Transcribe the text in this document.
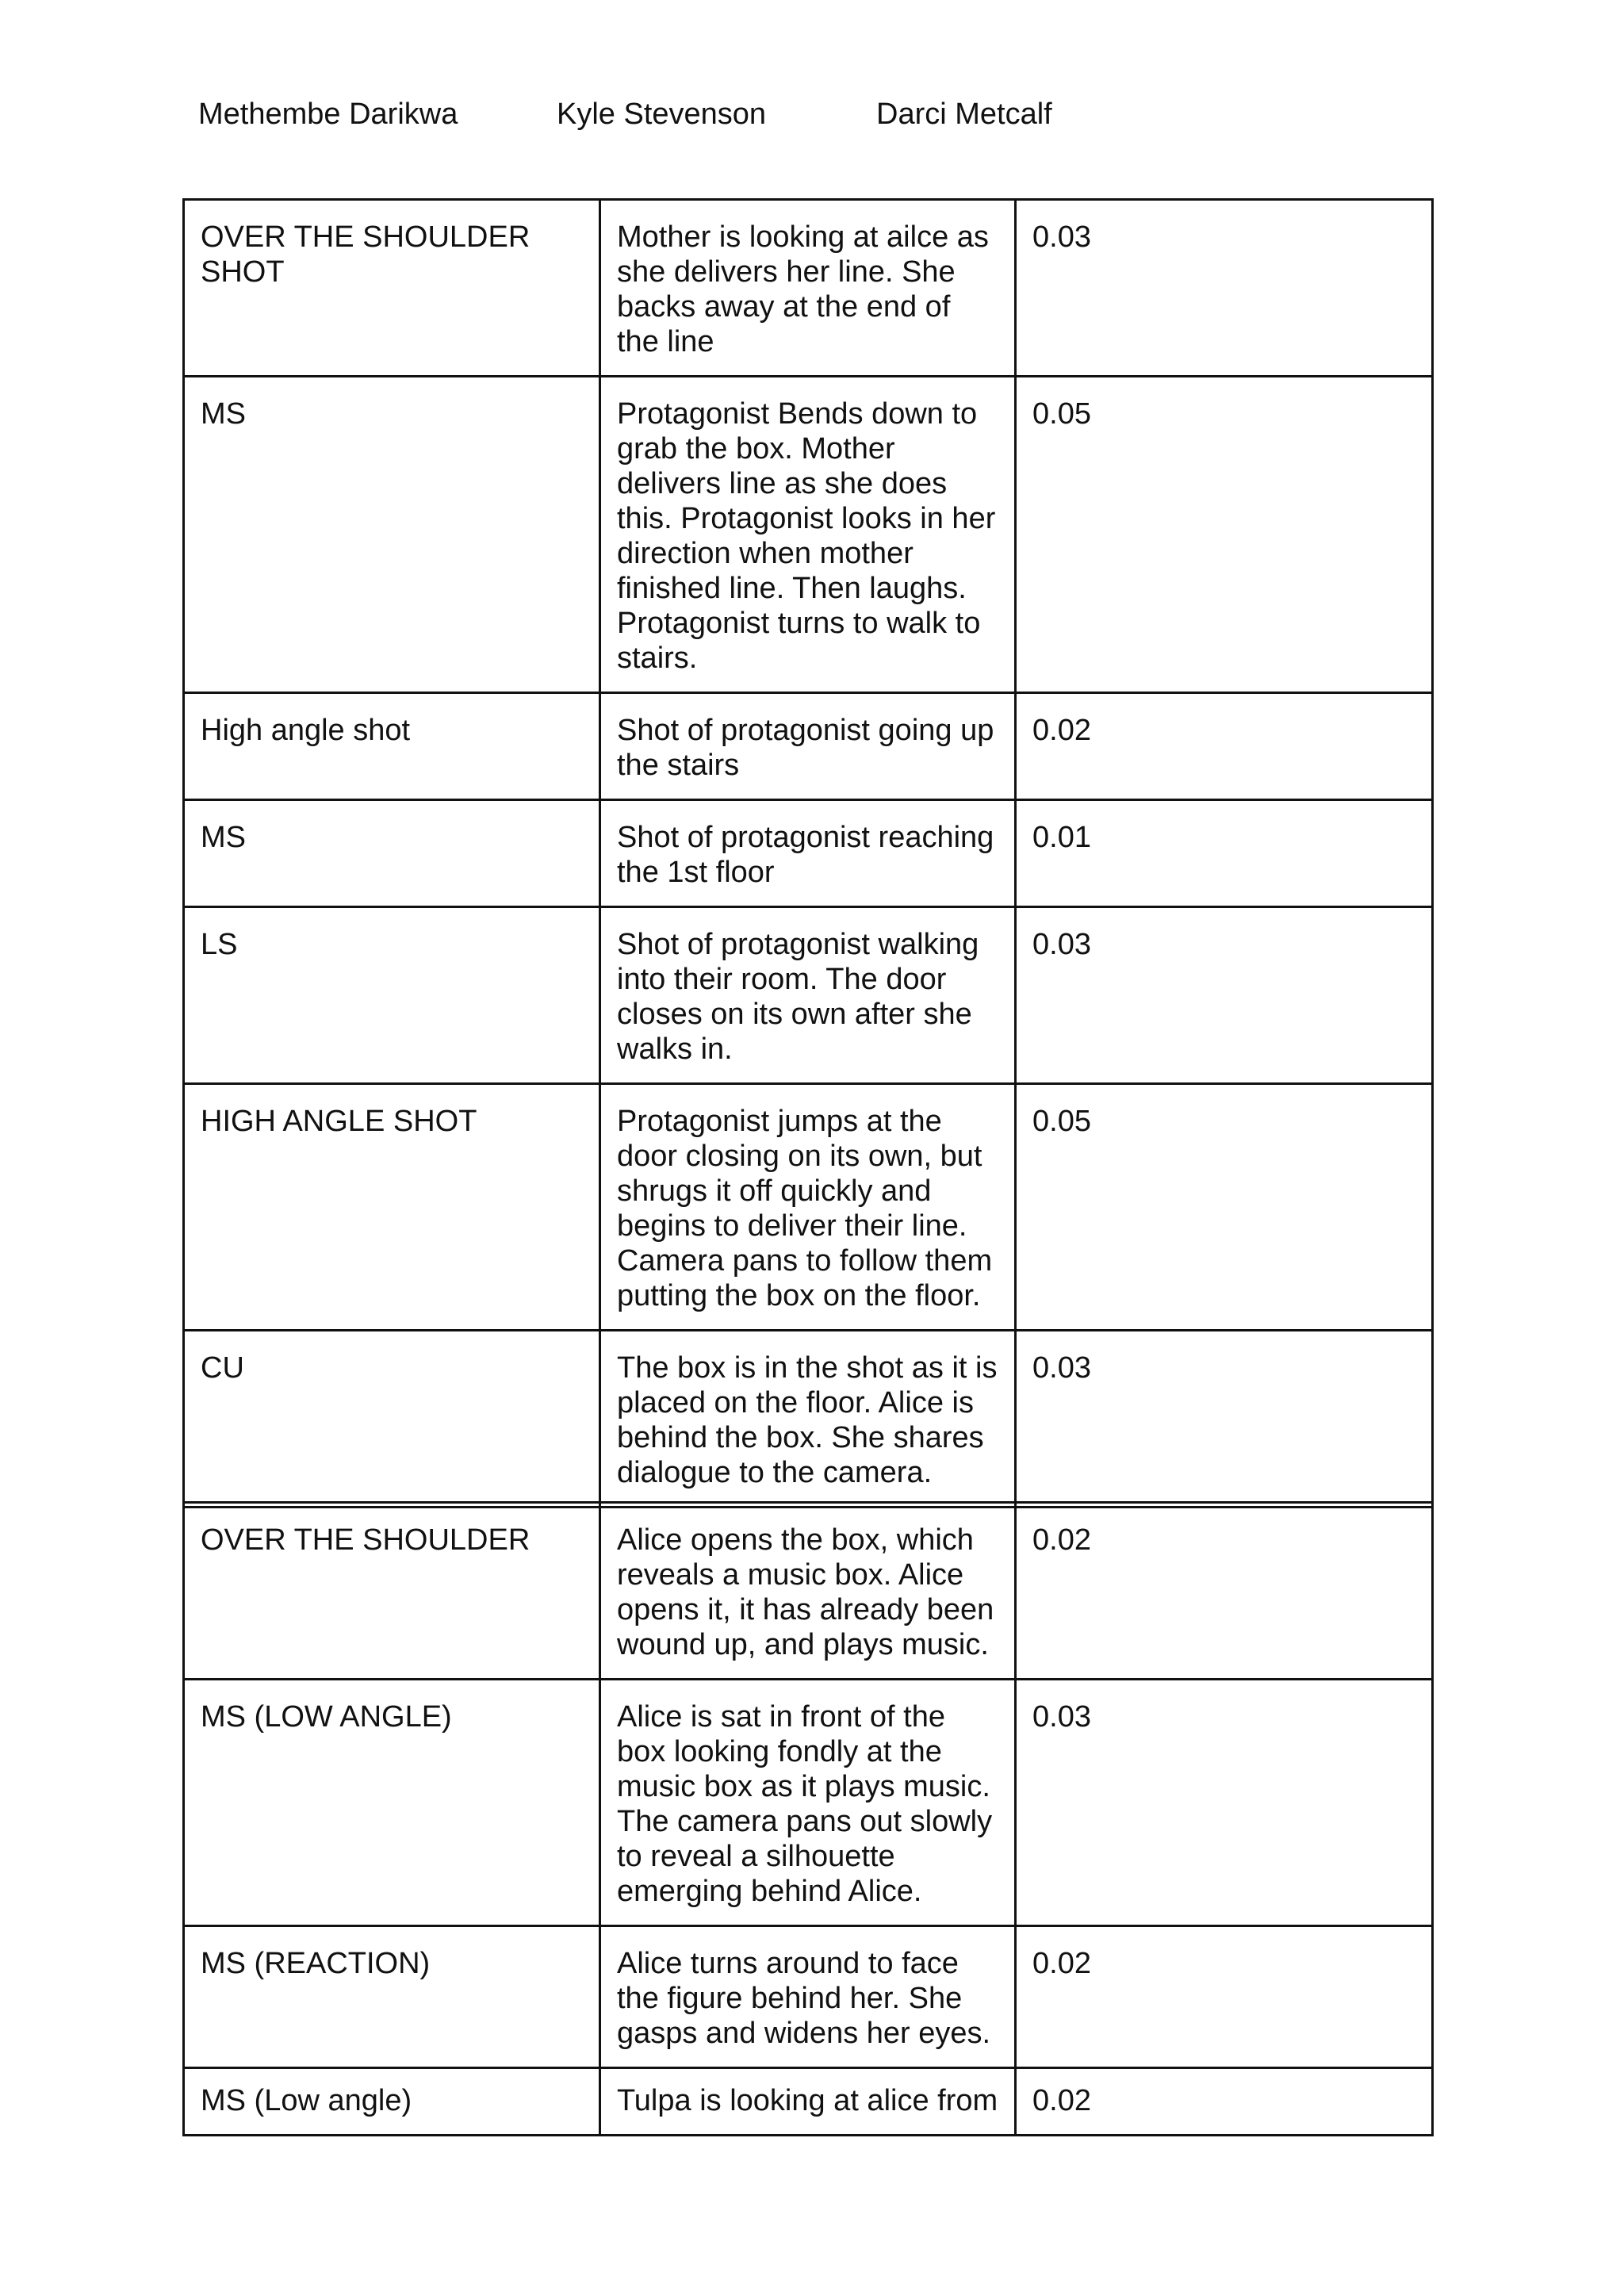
Methembe Darikwa	Kyle Stevenson	Darci Metcalf
OVER THE SHOULDER SHOT	Mother is looking at ailce as she delivers her line. She backs away at the end of the line	0.03
MS	Protagonist Bends down to grab the box. Mother delivers line as she does this. Protagonist looks in her direction when mother finished line. Then laughs. Protagonist turns to walk to stairs.	0.05
High angle shot	Shot of protagonist going up the stairs	0.02
MS	Shot of protagonist reaching the 1st floor	0.01
LS	Shot of protagonist walking into their room. The door closes on its own after she walks in.	0.03
HIGH ANGLE SHOT	Protagonist jumps at the door closing on its own, but shrugs it off quickly and begins to deliver their line. Camera pans to follow them putting the box on the floor.	0.05
CU	The box is in the shot as it is placed on the floor. Alice is behind the box. She shares dialogue to the camera.	0.03
OVER THE SHOULDER	Alice opens the box, which reveals a music box. Alice opens it, it has already been wound up, and plays music.	0.02
MS (LOW ANGLE)	Alice is sat in front of the box looking fondly at the music box as it plays music. The camera pans out slowly to reveal a silhouette emerging behind Alice.	0.03
MS (REACTION)	Alice turns around to face the figure behind her. She gasps and widens her eyes.	0.02
MS (Low angle)	Tulpa is looking at alice from	0.02
